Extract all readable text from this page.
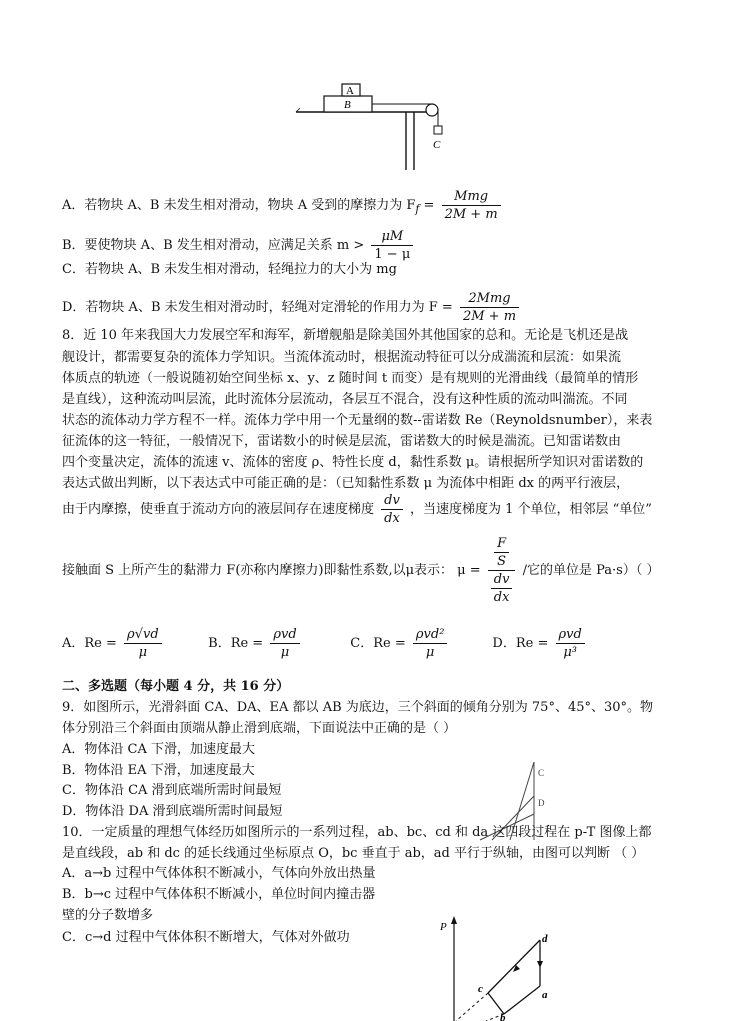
A
B
C
A．若物块 A、B 未发生相对滑动，物块 A 受到的摩擦力为 $F_f = \frac{\text{Mmg}}{2M + m}$
B．要使物块 A、B 发生相对滑动，应满足关系 $m > \frac{\mu M}{1 - \mu}$
C．若物块 A、B 未发生相对滑动，轻绳拉力的大小为 mg
D．若物块 A、B 未发生相对滑动时，轻绳对定滑轮的作用力为 $F = \frac{\text{2Mmg}}{2M + m}$
8．近 10 年来我国大力发展空军和海军，新增舰船是除美国外其他国家的总和。无论是飞机还是战
舰设计，都需要复杂的流体力学知识。当流体流动时，根据流动特征可以分成湍流和层流：如果流
体质点的轨迹（一般说随初始空间坐标 x、y、z 随时间 t 而变）是有规则的光滑曲线（最简单的情形
是直线），这种流动叫层流，此时流体分层流动，各层互不混合，没有这种性质的流动叫湍流。不同
状态的流体动力学方程不一样。流体力学中用一个无量纲的数--雷诺数 Re（Reynoldsnumber），来表
征流体的这一特征，一般情况下，雷诺数小的时候是层流，雷诺数大的时候是湍流。已知雷诺数由
四个变量决定，流体的流速 v、流体的密度 ρ、特性长度 d，黏性系数 μ。请根据所学知识对雷诺数的
表达式做出判断，以下表达式中可能正确的是：（已知黏性系数 μ 为流体中相距 dx 的两平行液层，
由于内摩擦，使垂直于流动方向的液层间存在速度梯度 $\frac{dv}{dx}$ ，当速度梯度为 1 个单位，相邻层 “单位”
接触面 S 上所产生的黏滞力 F(亦称内摩擦力)即黏性系数,以μ表示： $\mu = \frac{\frac{F}{S}}{\frac{dv}{dx}}$ /它的单位是 Pa·s）（ ）
A．$Re = \frac{\rho√vd}{\mu}$	B．$Re = \frac{\text{ρvd}}{\mu}$	C．$Re = \frac{\text{ρvd²}}{\mu}$	D．$Re = \frac{\text{ρvd}}{\text{μ³}}$
二、多选题（每小题 4 分，共 16 分）
9．如图所示，光滑斜面 CA、DA、EA 都以 AB 为底边，三个斜面的倾角分别为 75°、45°、30°。物
体分别沿三个斜面由顶端从静止滑到底端，下面说法中正确的是（ ）
A．物体沿 CA 下滑，加速度最大
B．物体沿 EA 下滑，加速度最大
C．物体沿 CA 滑到底端所需时间最短
D．物体沿 DA 滑到底端所需时间最短
C
D
10．一定质量的理想气体经历如图所示的一系列过程，ab、bc、cd 和 da 这四段过程在 p-T 图像上都
是直线段，ab 和 dc 的延长线通过坐标原点 O，bc 垂直于 ab，ad 平行于纵轴，由图可以判断 （ ）
A．a→b 过程中气体体积不断减小，气体向外放出热量
B．b→c 过程中气体体积不断减小，单位时间内撞击器
壁的分子数增多
C．c→d 过程中气体体积不断增大，气体对外做功
P
d
a
c
b
